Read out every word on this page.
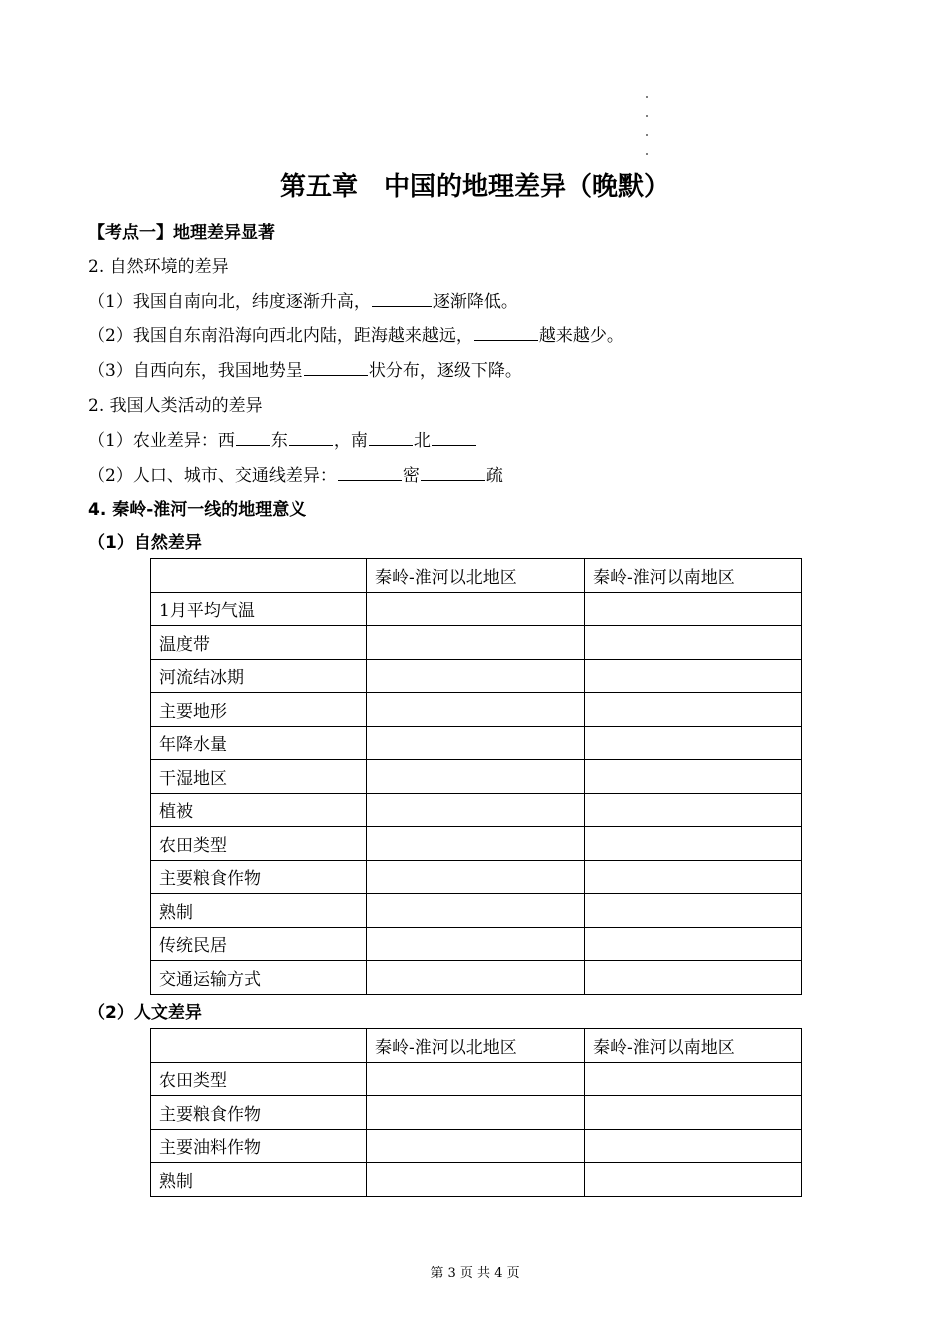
第五章　中国的地理差异（晚默）
【考点一】地理差异显著
2. 自然环境的差异
（1）我国自南向北，纬度逐渐升高，	逐渐降低。
（2）我国自东南沿海向西北内陆，距海越来越远，	越来越少。
（3）自西向东，我国地势呈	状分布，逐级下降。
2. 我国人类活动的差异
（1）农业差异：西 东	，南	北
（2）人口、城市、交通线差异：	密	疏
4. 秦岭-淮河一线的地理意义
（1）自然差异
	秦岭-淮河以北地区	秦岭-淮河以南地区
1月平均气温		
温度带		
河流结冰期		
主要地形		
年降水量		
干湿地区		
植被		
农田类型		
主要粮食作物		
熟制		
传统民居		
交通运输方式		
（2）人文差异
	秦岭-淮河以北地区	秦岭-淮河以南地区
农田类型		
主要粮食作物		
主要油料作物		
熟制		
第 3 页 共 4 页
